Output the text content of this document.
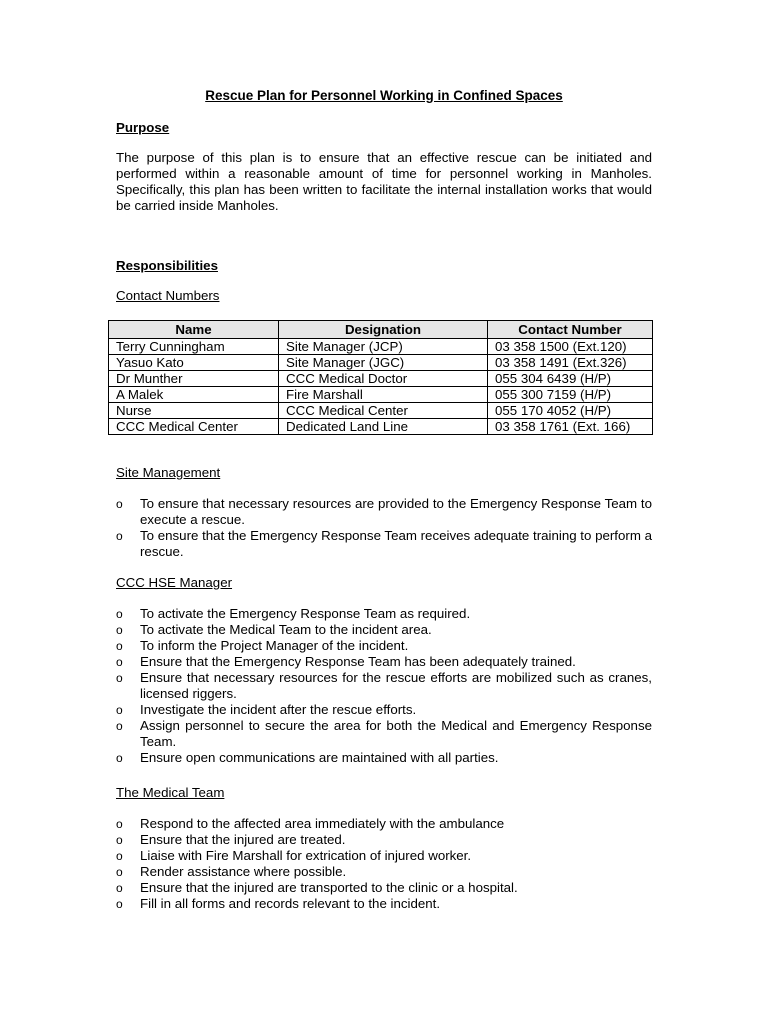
Rescue Plan for Personnel Working in Confined Spaces
Purpose

The purpose of this plan is to ensure that an effective rescue can be initiated and performed within a reasonable amount of time for personnel working in Manholes. Specifically, this plan has been written to facilitate the internal installation works that would be carried inside Manholes.

Responsibilities
Contact Numbers
Name	Designation	Contact Number
Terry Cunningham	Site Manager (JCP)	03 358 1500 (Ext.120)
Yasuo Kato	Site Manager (JGC)	03 358 1491 (Ext.326)
Dr Munther	CCC Medical Doctor	055 304 6439 (H/P)
A Malek	Fire Marshall	055 300 7159 (H/P)
Nurse	CCC Medical Center	055 170 4052 (H/P)
CCC Medical Center	Dedicated Land Line	03 358 1761 (Ext. 166)
Site Management
o To ensure that necessary resources are provided to the Emergency Response Team to execute a rescue.
o To ensure that the Emergency Response Team receives adequate training to perform a rescue.
CCC HSE Manager
o To activate the Emergency Response Team as required.
o To activate the Medical Team to the incident area.
o To inform the Project Manager of the incident.
o Ensure that the Emergency Response Team has been adequately trained.
o Ensure that necessary resources for the rescue efforts are mobilized such as cranes, licensed riggers.
o Investigate the incident after the rescue efforts.
o Assign personnel to secure the area for both the Medical and Emergency Response Team.
o Ensure open communications are maintained with all parties.
The Medical Team
o Respond to the affected area immediately with the ambulance
o Ensure that the injured are treated.
o Liaise with Fire Marshall for extrication of injured worker.
o Render assistance where possible.
o Ensure that the injured are transported to the clinic or a hospital.
o Fill in all forms and records relevant to the incident.
